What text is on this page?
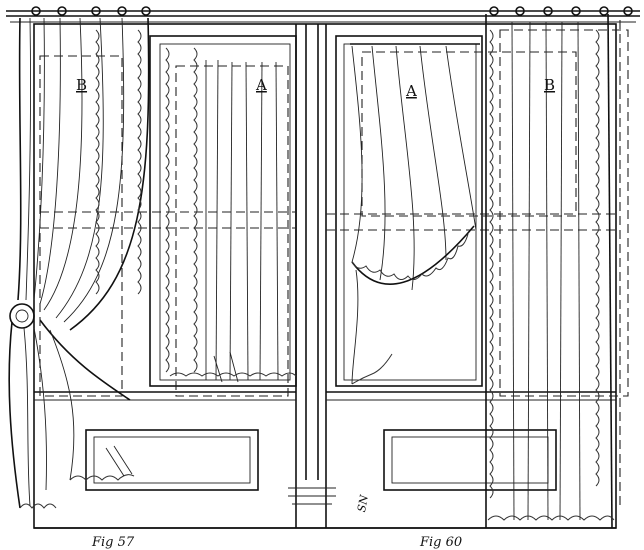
B	A	A	B
Fig 57	Fig 60
SN
